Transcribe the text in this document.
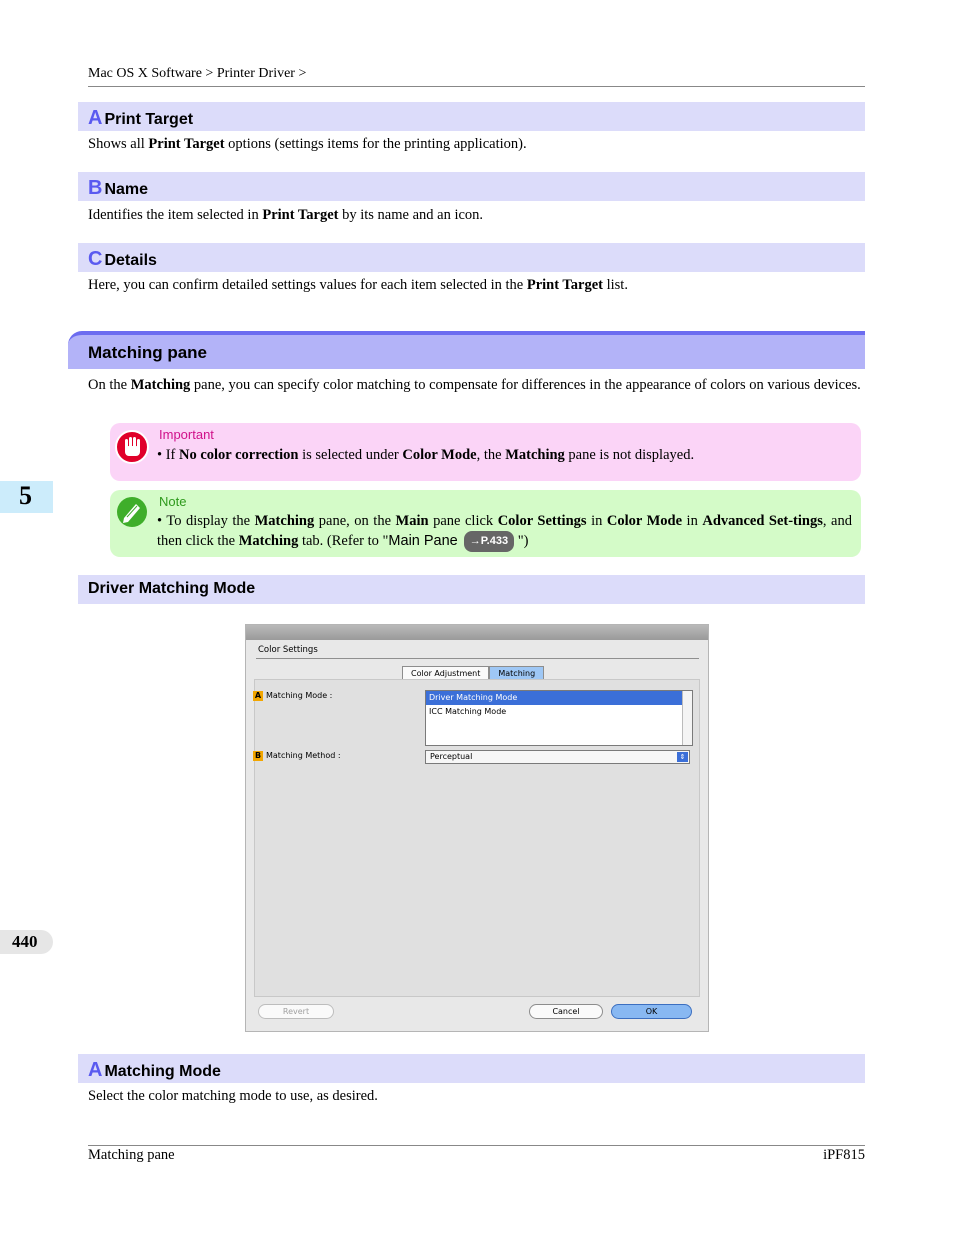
Mac OS X Software > Printer Driver >
A Print Target
Shows all Print Target options (settings items for the printing application).
B Name
Identifies the item selected in Print Target by its name and an icon.
C Details
Here, you can confirm detailed settings values for each item selected in the Print Target list.
Matching pane
On the Matching pane, you can specify color matching to compensate for differences in the appearance of colors on various devices.
Important
• If No color correction is selected under Color Mode, the Matching pane is not displayed.
Note
• To display the Matching pane, on the Main pane click Color Settings in Color Mode in Advanced Set-tings, and then click the Matching tab. (Refer to "Main Pane →P.433 ")
Driver Matching Mode
Color Settings
Color Adjustment	Matching
A Matching Mode :	Driver Matching Mode
ICC Matching Mode
B Matching Method :	Perceptual	⇕
Revert	Cancel	OK
A Matching Mode
Select the color matching mode to use, as desired.
5
440
Matching pane	iPF815
